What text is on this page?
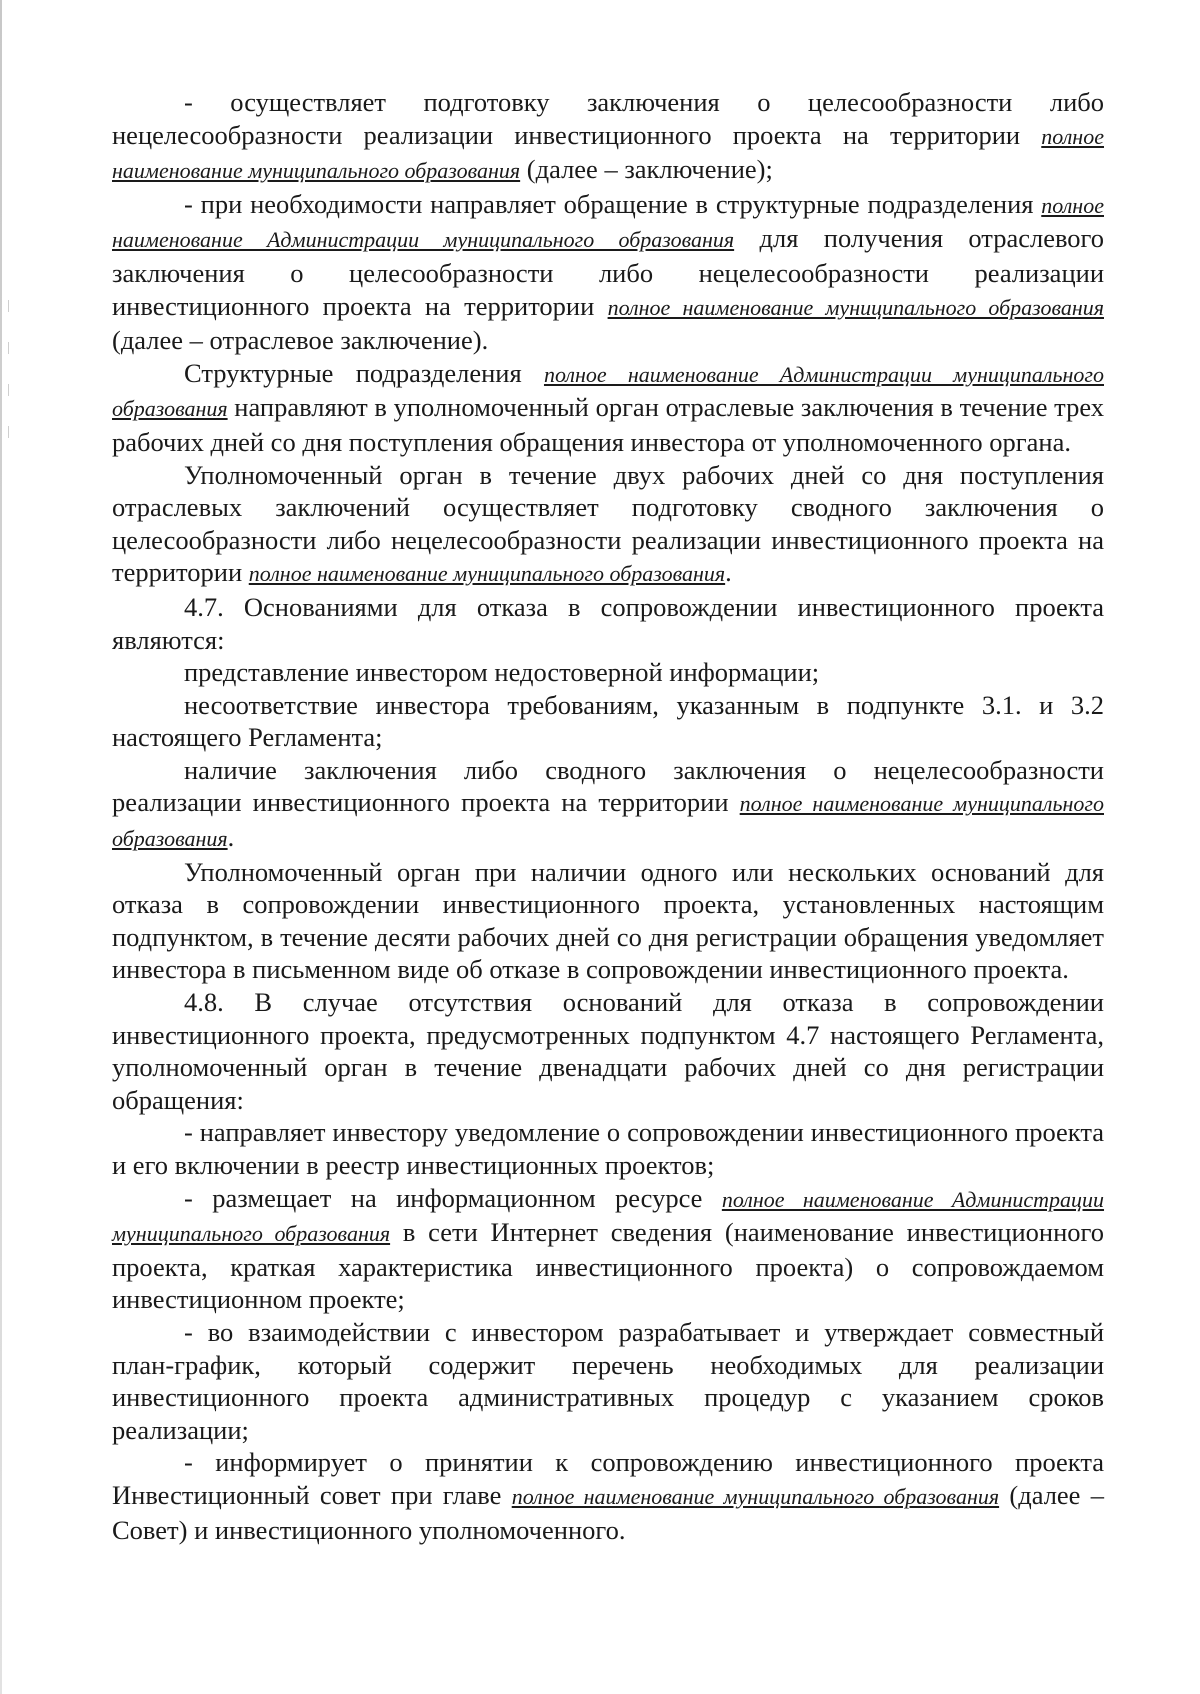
- осуществляет подготовку заключения о целесообразности либо нецелесообразности реализации инвестиционного проекта на территории полное наименование муниципального образования (далее – заключение);

- при необходимости направляет обращение в структурные подразделения полное наименование Администрации муниципального образования для получения отраслевого заключения о целесообразности либо нецелесообразности реализации инвестиционного проекта на территории полное наименование муниципального образования (далее – отраслевое заключение).

Структурные подразделения полное наименование Администрации муниципального образования направляют в уполномоченный орган отраслевые заключения в течение трех рабочих дней со дня поступления обращения инвестора от уполномоченного органа.

Уполномоченный орган в течение двух рабочих дней со дня поступления отраслевых заключений осуществляет подготовку сводного заключения о целесообразности либо нецелесообразности реализации инвестиционного проекта на территории полное наименование муниципального образования.

4.7. Основаниями для отказа в сопровождении инвестиционного проекта являются:

представление инвестором недостоверной информации;

несоответствие инвестора требованиям, указанным в подпункте 3.1. и 3.2 настоящего Регламента;

наличие заключения либо сводного заключения о нецелесообразности реализации инвестиционного проекта на территории полное наименование муниципального образования.

Уполномоченный орган при наличии одного или нескольких оснований для отказа в сопровождении инвестиционного проекта, установленных настоящим подпунктом, в течение десяти рабочих дней со дня регистрации обращения уведомляет инвестора в письменном виде об отказе в сопровождении инвестиционного проекта.

4.8. В случае отсутствия оснований для отказа в сопровождении инвестиционного проекта, предусмотренных подпунктом 4.7 настоящего Регламента, уполномоченный орган в течение двенадцати рабочих дней со дня регистрации обращения:

- направляет инвестору уведомление о сопровождении инвестиционного проекта и его включении в реестр инвестиционных проектов;

- размещает на информационном ресурсе полное наименование Администрации муниципального образования в сети Интернет сведения (наименование инвестиционного проекта, краткая характеристика инвестиционного проекта) о сопровождаемом инвестиционном проекте;

- во взаимодействии с инвестором разрабатывает и утверждает совместный план-график, который содержит перечень необходимых для реализации инвестиционного проекта административных процедур с указанием сроков реализации;

- информирует о принятии к сопровождению инвестиционного проекта Инвестиционный совет при главе полное наименование муниципального образования (далее – Совет) и инвестиционного уполномоченного.
